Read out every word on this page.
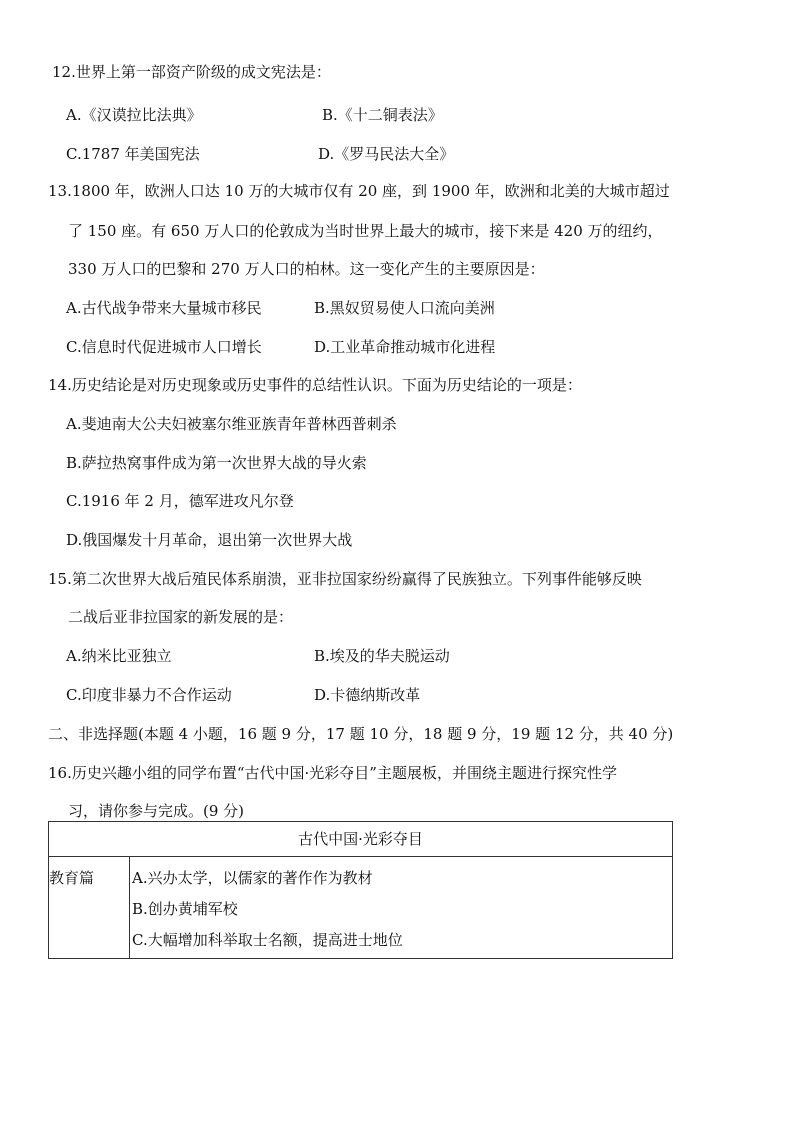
12.世界上第一部资产阶级的成文宪法是：
A.《汉谟拉比法典》	B.《十二铜表法》
C.1787 年美国宪法	D.《罗马民法大全》
13.1800 年，欧洲人口达 10 万的大城市仅有 20 座，到 1900 年，欧洲和北美的大城市超过
了 150 座。有 650 万人口的伦敦成为当时世界上最大的城市，接下来是 420 万的纽约，
330 万人口的巴黎和 270 万人口的柏林。这一变化产生的主要原因是：
A.古代战争带来大量城市移民	B.黑奴贸易使人口流向美洲
C.信息时代促进城市人口增长	D.工业革命推动城市化进程
14.历史结论是对历史现象或历史事件的总结性认识。下面为历史结论的一项是：
A.斐迪南大公夫妇被塞尔维亚族青年普林西普刺杀
B.萨拉热窝事件成为第一次世界大战的导火索
C.1916 年 2 月，德军进攻凡尔登
D.俄国爆发十月革命，退出第一次世界大战
15.第二次世界大战后殖民体系崩溃，亚非拉国家纷纷赢得了民族独立。下列事件能够反映
二战后亚非拉国家的新发展的是：
A.纳米比亚独立	B.埃及的华夫脱运动
C.印度非暴力不合作运动	D.卡德纳斯改革
二、非选择题(本题 4 小题，16 题 9 分，17 题 10 分，18 题 9 分，19 题 12 分，共 40 分)
16.历史兴趣小组的同学布置“古代中国·光彩夺目”主题展板，并围绕主题进行探究性学
习，请你参与完成。(9 分)
古代中国·光彩夺目
教育篇	A.兴办太学，以儒家的著作作为教材
B.创办黄埔军校
C.大幅增加科举取士名额，提高进士地位
